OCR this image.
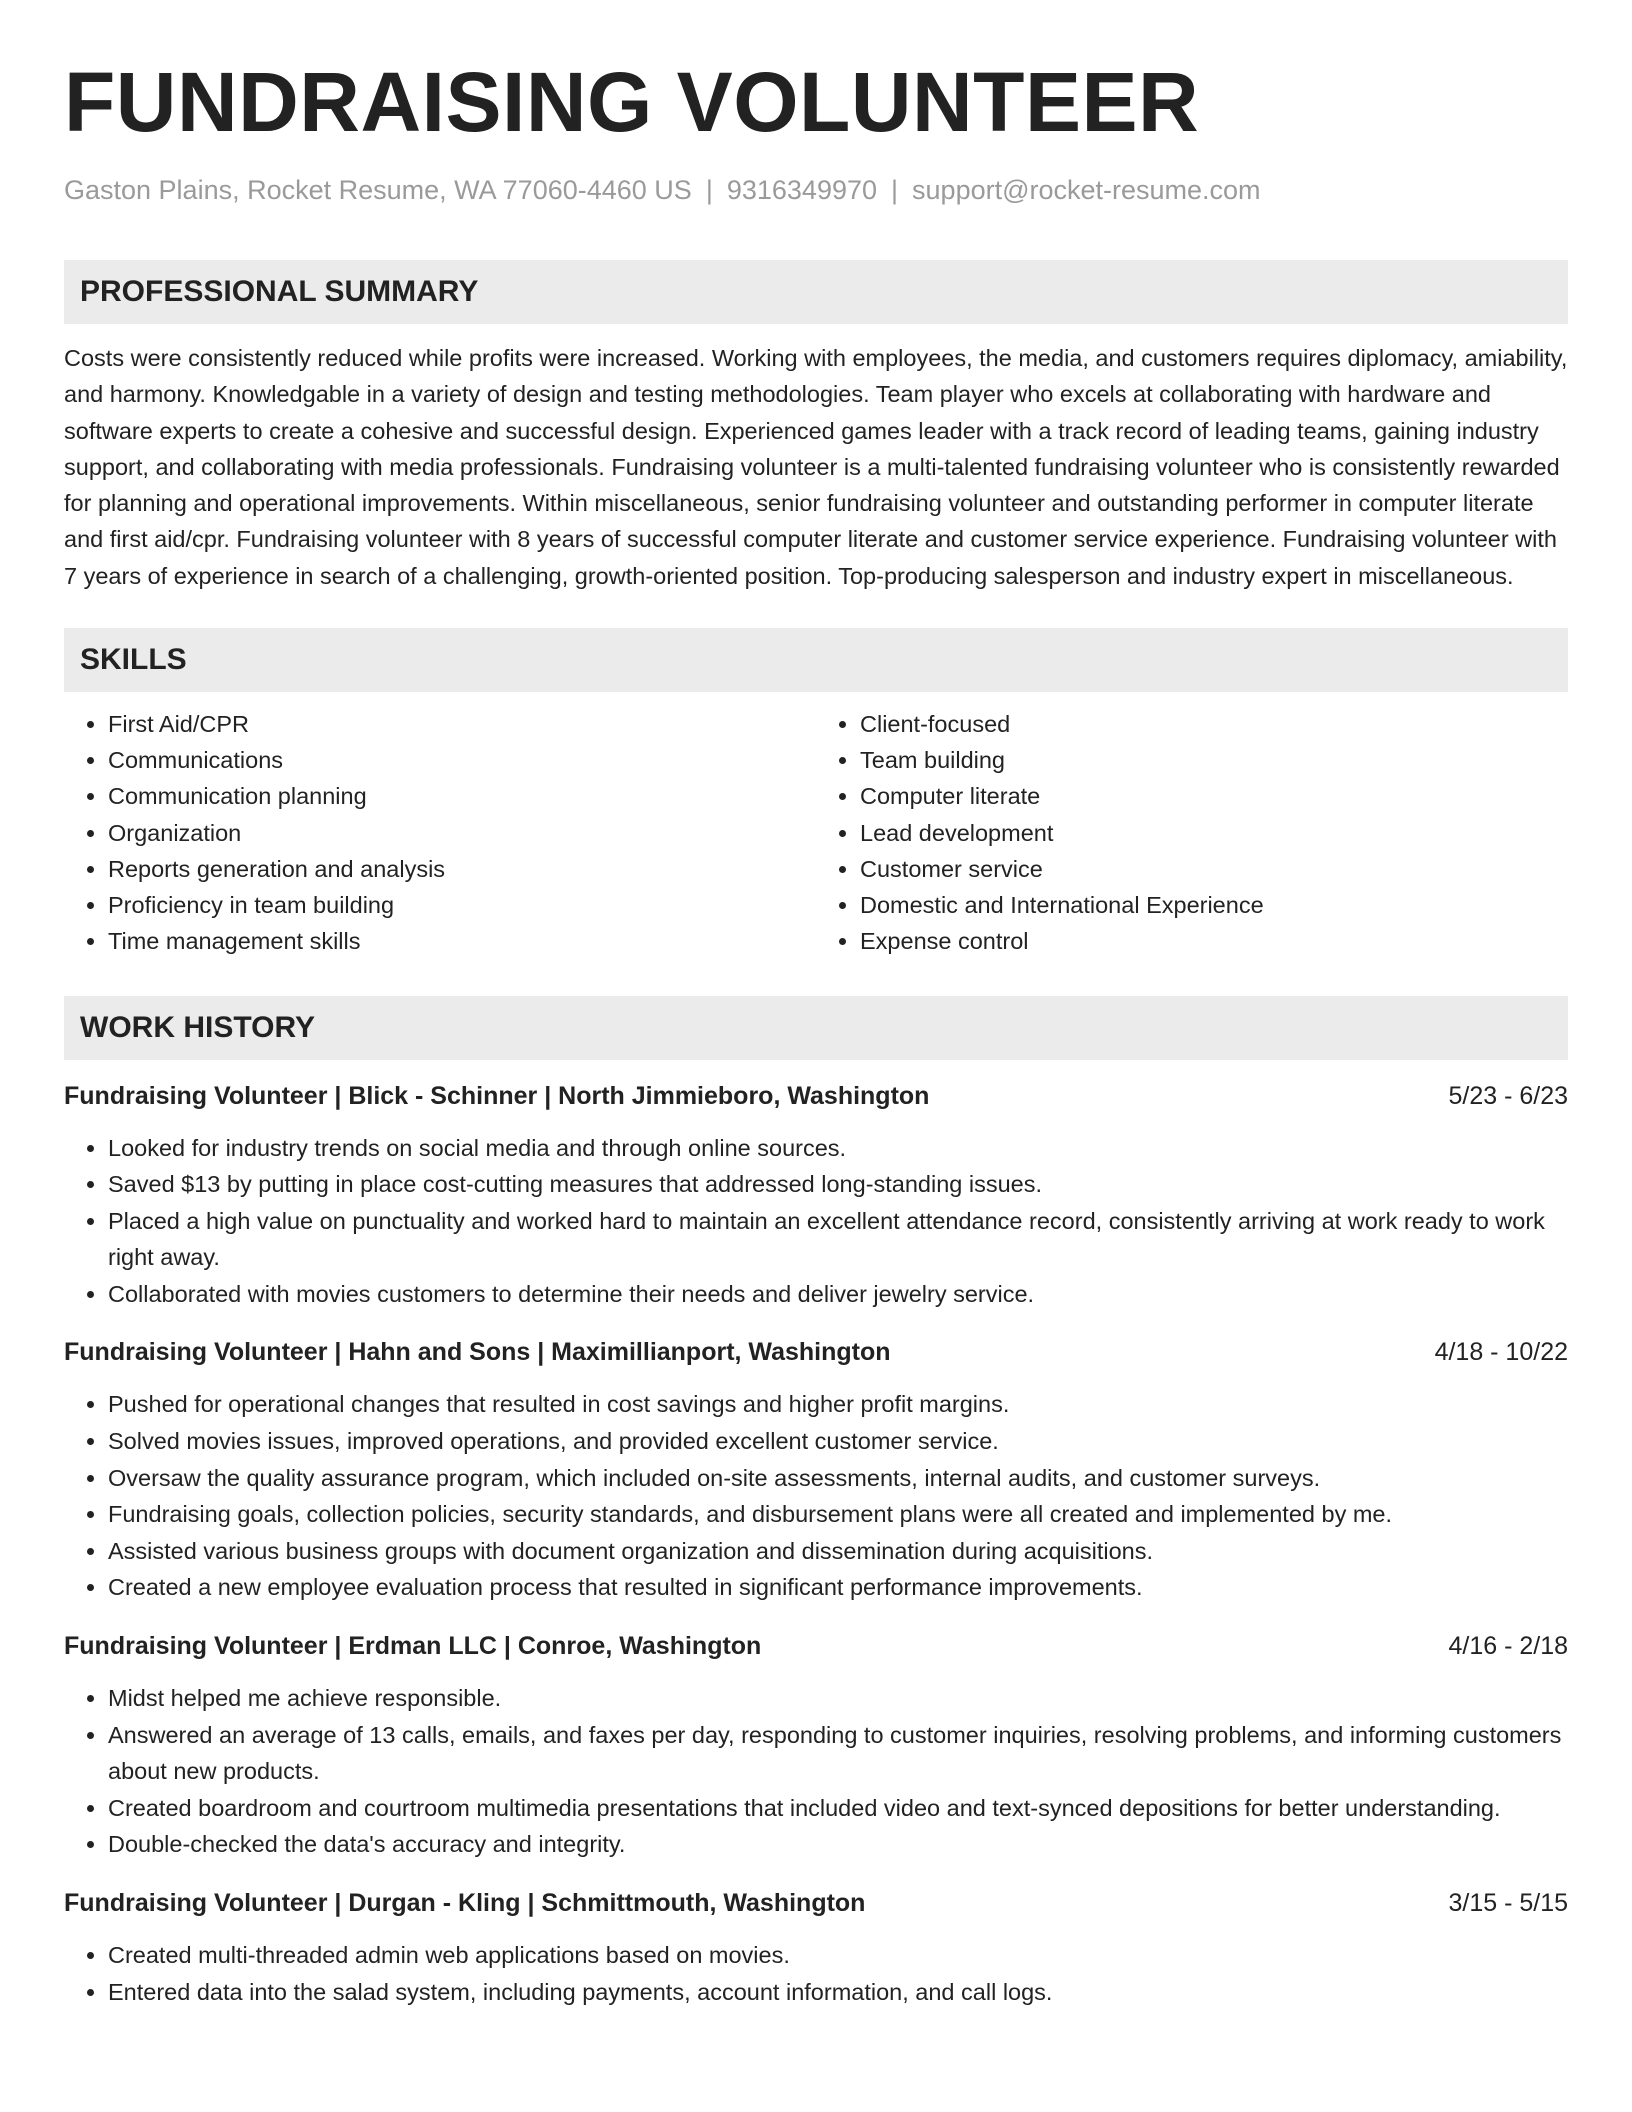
FUNDRAISING VOLUNTEER
Gaston Plains, Rocket Resume, WA 77060-4460 US | 9316349970 | support@rocket-resume.com
PROFESSIONAL SUMMARY
Costs were consistently reduced while profits were increased. Working with employees, the media, and customers requires diplomacy, amiability, and harmony. Knowledgable in a variety of design and testing methodologies. Team player who excels at collaborating with hardware and software experts to create a cohesive and successful design. Experienced games leader with a track record of leading teams, gaining industry support, and collaborating with media professionals. Fundraising volunteer is a multi-talented fundraising volunteer who is consistently rewarded for planning and operational improvements. Within miscellaneous, senior fundraising volunteer and outstanding performer in computer literate and first aid/cpr. Fundraising volunteer with 8 years of successful computer literate and customer service experience. Fundraising volunteer with 7 years of experience in search of a challenging, growth-oriented position. Top-producing salesperson and industry expert in miscellaneous.
SKILLS
• First Aid/CPR
• Communications
• Communication planning
• Organization
• Reports generation and analysis
• Proficiency in team building
• Time management skills
• Client-focused
• Team building
• Computer literate
• Lead development
• Customer service
• Domestic and International Experience
• Expense control
WORK HISTORY
Fundraising Volunteer | Blick - Schinner | North Jimmieboro, Washington	5/23 - 6/23
• Looked for industry trends on social media and through online sources.
• Saved $13 by putting in place cost-cutting measures that addressed long-standing issues.
• Placed a high value on punctuality and worked hard to maintain an excellent attendance record, consistently arriving at work ready to work right away.
• Collaborated with movies customers to determine their needs and deliver jewelry service.
Fundraising Volunteer | Hahn and Sons | Maximillianport, Washington	4/18 - 10/22
• Pushed for operational changes that resulted in cost savings and higher profit margins.
• Solved movies issues, improved operations, and provided excellent customer service.
• Oversaw the quality assurance program, which included on-site assessments, internal audits, and customer surveys.
• Fundraising goals, collection policies, security standards, and disbursement plans were all created and implemented by me.
• Assisted various business groups with document organization and dissemination during acquisitions.
• Created a new employee evaluation process that resulted in significant performance improvements.
Fundraising Volunteer | Erdman LLC | Conroe, Washington	4/16 - 2/18
• Midst helped me achieve responsible.
• Answered an average of 13 calls, emails, and faxes per day, responding to customer inquiries, resolving problems, and informing customers about new products.
• Created boardroom and courtroom multimedia presentations that included video and text-synced depositions for better understanding.
• Double-checked the data's accuracy and integrity.
Fundraising Volunteer | Durgan - Kling | Schmittmouth, Washington	3/15 - 5/15
• Created multi-threaded admin web applications based on movies.
• Entered data into the salad system, including payments, account information, and call logs.
